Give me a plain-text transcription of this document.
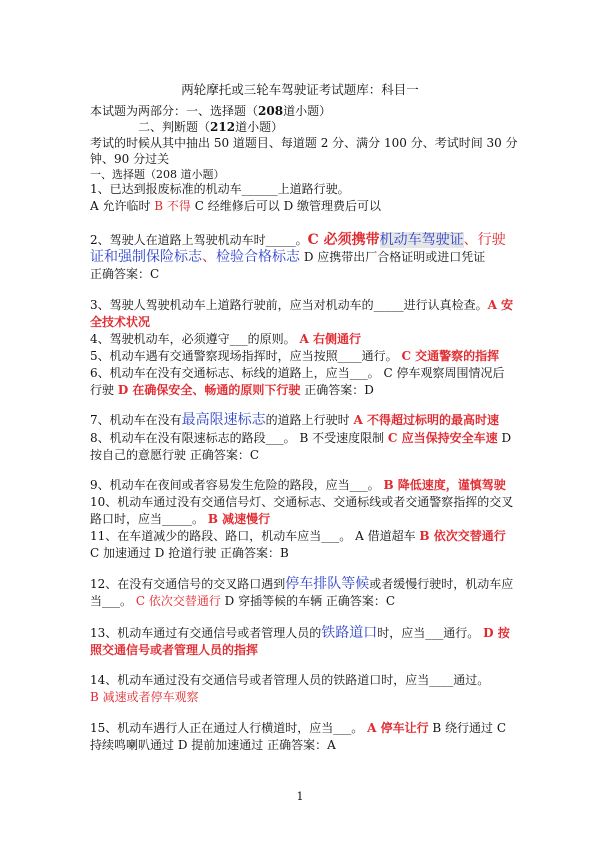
两轮摩托或三轮车驾驶证考试题库：科目一
本试题为两部分：一、选择题（208道小题）
二、判断题（212道小题）
考试的时候从其中抽出 50 道题目、每道题 2 分、满分 100 分、考试时间 30 分
钟、90 分过关
一、选择题（208 道小题）
1、已达到报废标准的机动车______上道路行驶。
A 允许临时 B 不得 C 经维修后可以 D 缴管理费后可以
2、驾驶人在道路上驾驶机动车时_____。C 必须携带机动车驾驶证、行驶
证和强制保险标志、检验合格标志 D 应携带出厂合格证明或进口凭证
正确答案：C
3、驾驶人驾驶机动车上道路行驶前，应当对机动车的_____进行认真检查。A 安
全技术状况
4、驾驶机动车，必须遵守___的原则。 A 右侧通行
5、机动车遇有交通警察现场指挥时，应当按照____通行。 C 交通警察的指挥
6、机动车在没有交通标志、标线的道路上，应当___。 C 停车观察周围情况后
行驶 D 在确保安全、畅通的原则下行驶 正确答案：D
7、机动车在没有最高限速标志的道路上行驶时 A 不得超过标明的最高时速
8、机动车在没有限速标志的路段___。 B 不受速度限制 C 应当保持安全车速 D
按自己的意愿行驶 正确答案：C
9、机动车在夜间或者容易发生危险的路段，应当___。 B 降低速度，谨慎驾驶
10、机动车通过没有交通信号灯、交通标志、交通标线或者交通警察指挥的交叉
路口时，应当_____。 B 减速慢行
11、在车道减少的路段、路口，机动车应当___。 A 借道超车 B 依次交替通行
C 加速通过 D 抢道行驶 正确答案：B
12、在没有交通信号的交叉路口遇到停车排队等候或者缓慢行驶时，机动车应
当___。 C 依次交替通行 D 穿插等候的车辆 正确答案：C
13、机动车通过有交通信号或者管理人员的铁路道口时，应当___通行。 D 按
照交通信号或者管理人员的指挥
14、机动车通过没有交通信号或者管理人员的铁路道口时，应当____通过。
B 减速或者停车观察
15、机动车遇行人正在通过人行横道时，应当___。 A 停车让行 B 绕行通过 C
持续鸣喇叭通过 D 提前加速通过 正确答案：A
1
